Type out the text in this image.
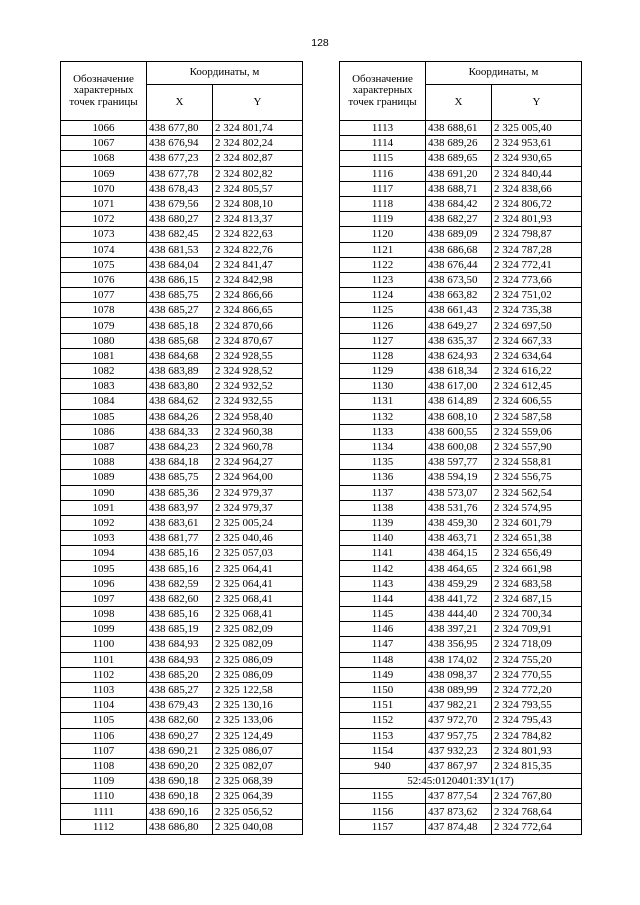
128
Обозначение характерных точек границы	Координаты, м	
	X	Y
1066	438 677,80	2 324 801,74
1067	438 676,94	2 324 802,24
1068	438 677,23	2 324 802,87
1069	438 677,78	2 324 802,82
1070	438 678,43	2 324 805,57
1071	438 679,56	2 324 808,10
1072	438 680,27	2 324 813,37
1073	438 682,45	2 324 822,63
1074	438 681,53	2 324 822,76
1075	438 684,04	2 324 841,47
1076	438 686,15	2 324 842,98
1077	438 685,75	2 324 866,66
1078	438 685,27	2 324 866,65
1079	438 685,18	2 324 870,66
1080	438 685,68	2 324 870,67
1081	438 684,68	2 324 928,55
1082	438 683,89	2 324 928,52
1083	438 683,80	2 324 932,52
1084	438 684,62	2 324 932,55
1085	438 684,26	2 324 958,40
1086	438 684,33	2 324 960,38
1087	438 684,23	2 324 960,78
1088	438 684,18	2 324 964,27
1089	438 685,75	2 324 964,00
1090	438 685,36	2 324 979,37
1091	438 683,97	2 324 979,37
1092	438 683,61	2 325 005,24
1093	438 681,77	2 325 040,46
1094	438 685,16	2 325 057,03
1095	438 685,16	2 325 064,41
1096	438 682,59	2 325 064,41
1097	438 682,60	2 325 068,41
1098	438 685,16	2 325 068,41
1099	438 685,19	2 325 082,09
1100	438 684,93	2 325 082,09
1101	438 684,93	2 325 086,09
1102	438 685,20	2 325 086,09
1103	438 685,27	2 325 122,58
1104	438 679,43	2 325 130,16
1105	438 682,60	2 325 133,06
1106	438 690,27	2 325 124,49
1107	438 690,21	2 325 086,07
1108	438 690,20	2 325 082,07
1109	438 690,18	2 325 068,39
1110	438 690,18	2 325 064,39
1111	438 690,16	2 325 056,52
1112	438 686,80	2 325 040,08
Обозначение характерных точек границы	Координаты, м	
	X	Y
1113	438 688,61	2 325 005,40
1114	438 689,26	2 324 953,61
1115	438 689,65	2 324 930,65
1116	438 691,20	2 324 840,44
1117	438 688,71	2 324 838,66
1118	438 684,42	2 324 806,72
1119	438 682,27	2 324 801,93
1120	438 689,09	2 324 798,87
1121	438 686,68	2 324 787,28
1122	438 676,44	2 324 772,41
1123	438 673,50	2 324 773,66
1124	438 663,82	2 324 751,02
1125	438 661,43	2 324 735,38
1126	438 649,27	2 324 697,50
1127	438 635,37	2 324 667,33
1128	438 624,93	2 324 634,64
1129	438 618,34	2 324 616,22
1130	438 617,00	2 324 612,45
1131	438 614,89	2 324 606,55
1132	438 608,10	2 324 587,58
1133	438 600,55	2 324 559,06
1134	438 600,08	2 324 557,90
1135	438 597,77	2 324 558,81
1136	438 594,19	2 324 556,75
1137	438 573,07	2 324 562,54
1138	438 531,76	2 324 574,95
1139	438 459,30	2 324 601,79
1140	438 463,71	2 324 651,38
1141	438 464,15	2 324 656,49
1142	438 464,65	2 324 661,98
1143	438 459,29	2 324 683,58
1144	438 441,72	2 324 687,15
1145	438 444,40	2 324 700,34
1146	438 397,21	2 324 709,91
1147	438 356,95	2 324 718,09
1148	438 174,02	2 324 755,20
1149	438 098,37	2 324 770,55
1150	438 089,99	2 324 772,20
1151	437 982,21	2 324 793,55
1152	437 972,70	2 324 795,43
1153	437 957,75	2 324 784,82
1154	437 932,23	2 324 801,93
940	437 867,97	2 324 815,35
52:45:0120401:ЗУ1(17)		
1155	437 877,54	2 324 767,80
1156	437 873,62	2 324 768,64
1157	437 874,48	2 324 772,64
